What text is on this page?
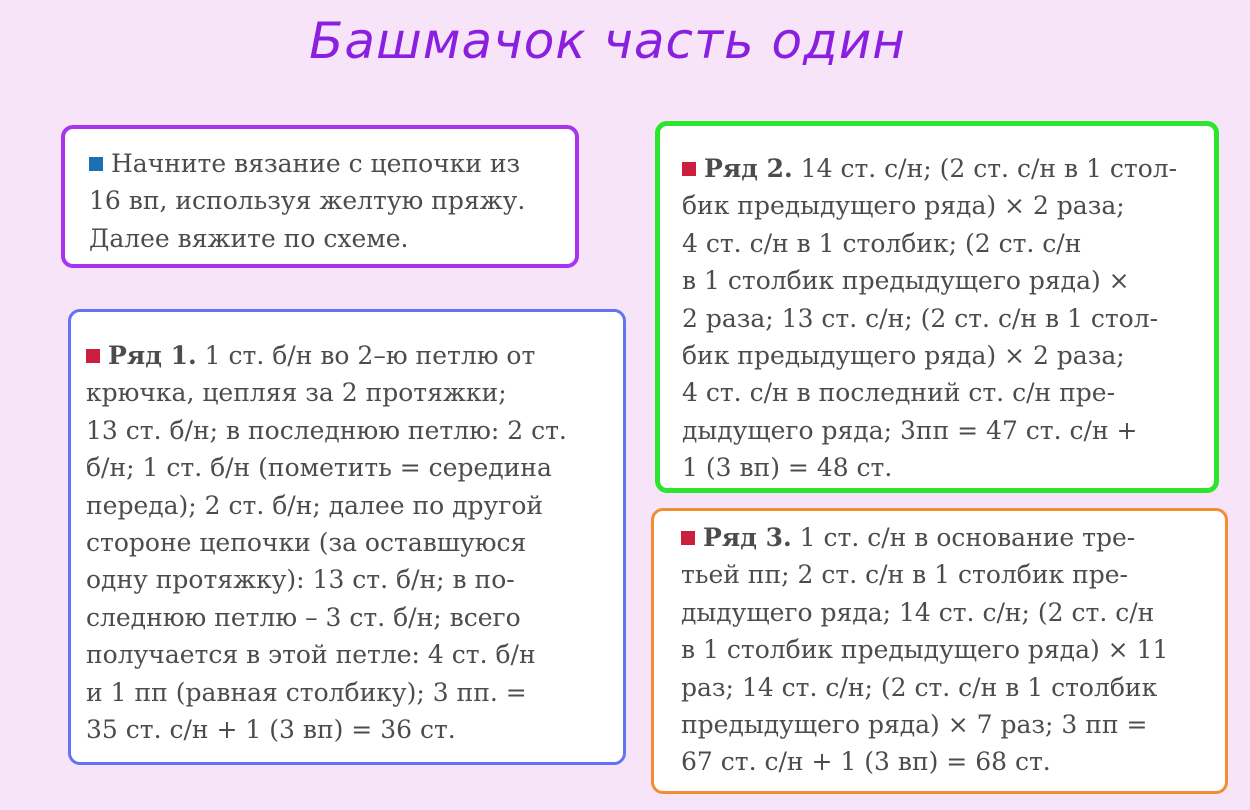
Башмачок часть один

Начните вязание с цепочки из
16 вп, используя желтую пряжу.
Далее вяжите по схеме.

Ряд 1. 1 ст. б/н во 2–ю петлю от
крючка, цепляя за 2 протяжки;
13 ст. б/н; в последнюю петлю: 2 ст.
б/н; 1 ст. б/н (пометить = середина
переда); 2 ст. б/н; далее по другой
стороне цепочки (за оставшуюся
одну протяжку): 13 ст. б/н; в по-
следнюю петлю – 3 ст. б/н; всего
получается в этой петле: 4 ст. б/н
и 1 пп (равная столбику); 3 пп. =
35 ст. с/н + 1 (3 вп) = 36 ст.

Ряд 2. 14 ст. с/н; (2 ст. с/н в 1 стол-
бик предыдущего ряда) × 2 раза;
4 ст. с/н в 1 столбик; (2 ст. с/н
в 1 столбик предыдущего ряда) ×
2 раза; 13 ст. с/н; (2 ст. с/н в 1 стол-
бик предыдущего ряда) × 2 раза;
4 ст. с/н в последний ст. с/н пре-
дыдущего ряда; 3пп = 47 ст. с/н +
1 (3 вп) = 48 ст.

Ряд 3. 1 ст. с/н в основание тре-
тьей пп; 2 ст. с/н в 1 столбик пре-
дыдущего ряда; 14 ст. с/н; (2 ст. с/н
в 1 столбик предыдущего ряда) × 11
раз; 14 ст. с/н; (2 ст. с/н в 1 столбик
предыдущего ряда) × 7 раз; 3 пп =
67 ст. с/н + 1 (3 вп) = 68 ст.
